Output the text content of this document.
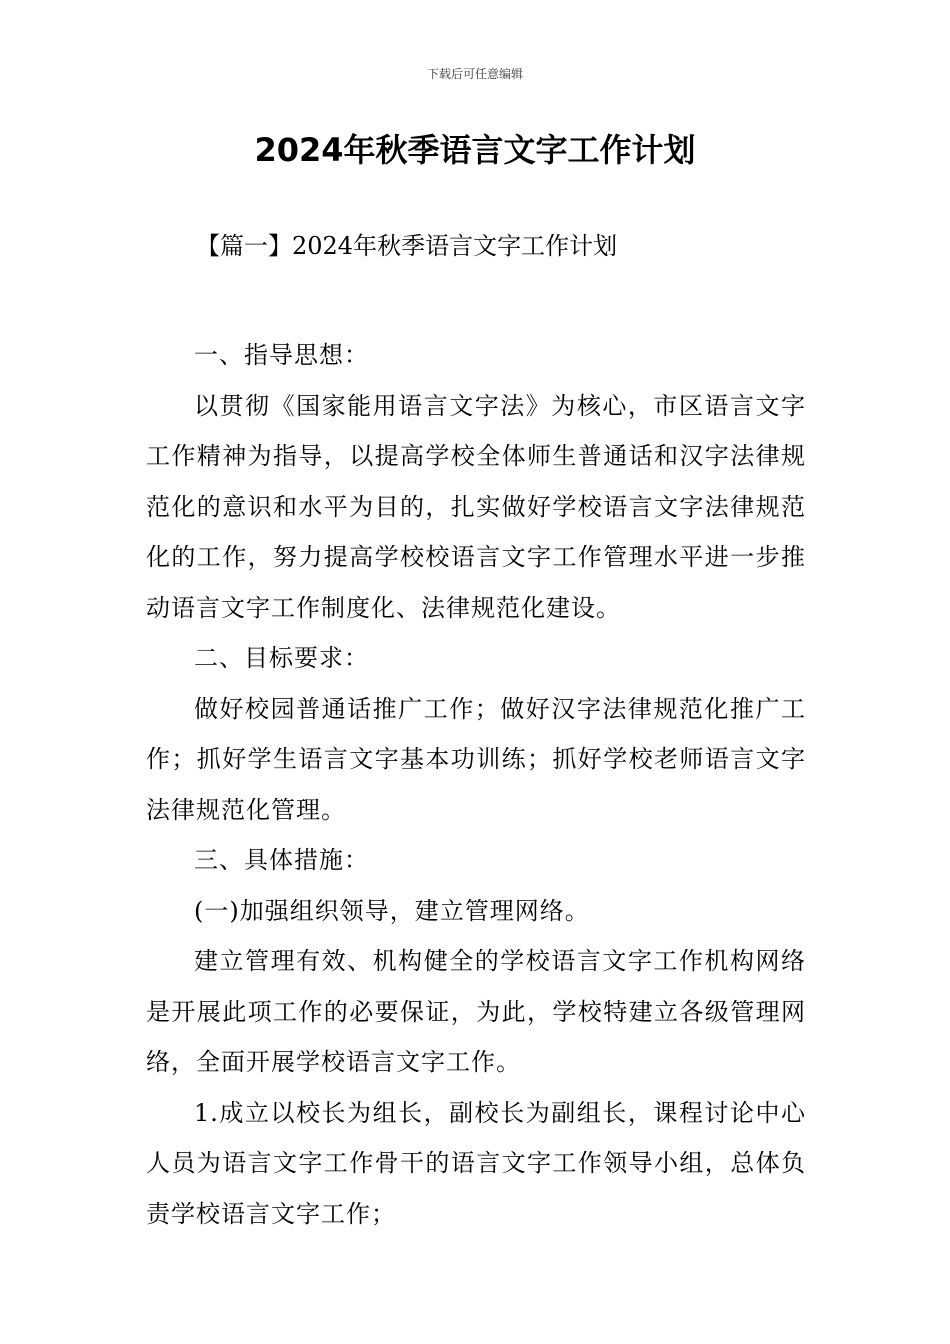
下载后可任意编辑
2024年秋季语言文字工作计划
【篇一】2024年秋季语言文字工作计划

一、指导思想：

以贯彻《国家能用语言文字法》为核心，市区语言文字工作精神为指导，以提高学校全体师生普通话和汉字法律规范化的意识和水平为目的，扎实做好学校语言文字法律规范化的工作，努力提高学校校语言文字工作管理水平进一步推动语言文字工作制度化、法律规范化建设。

二、目标要求：

做好校园普通话推广工作；做好汉字法律规范化推广工作；抓好学生语言文字基本功训练；抓好学校老师语言文字法律规范化管理。

三、具体措施：

(一)加强组织领导，建立管理网络。

建立管理有效、机构健全的学校语言文字工作机构网络是开展此项工作的必要保证，为此，学校特建立各级管理网络，全面开展学校语言文字工作。

1.成立以校长为组长，副校长为副组长，课程讨论中心人员为语言文字工作骨干的语言文字工作领导小组，总体负责学校语言文字工作；
